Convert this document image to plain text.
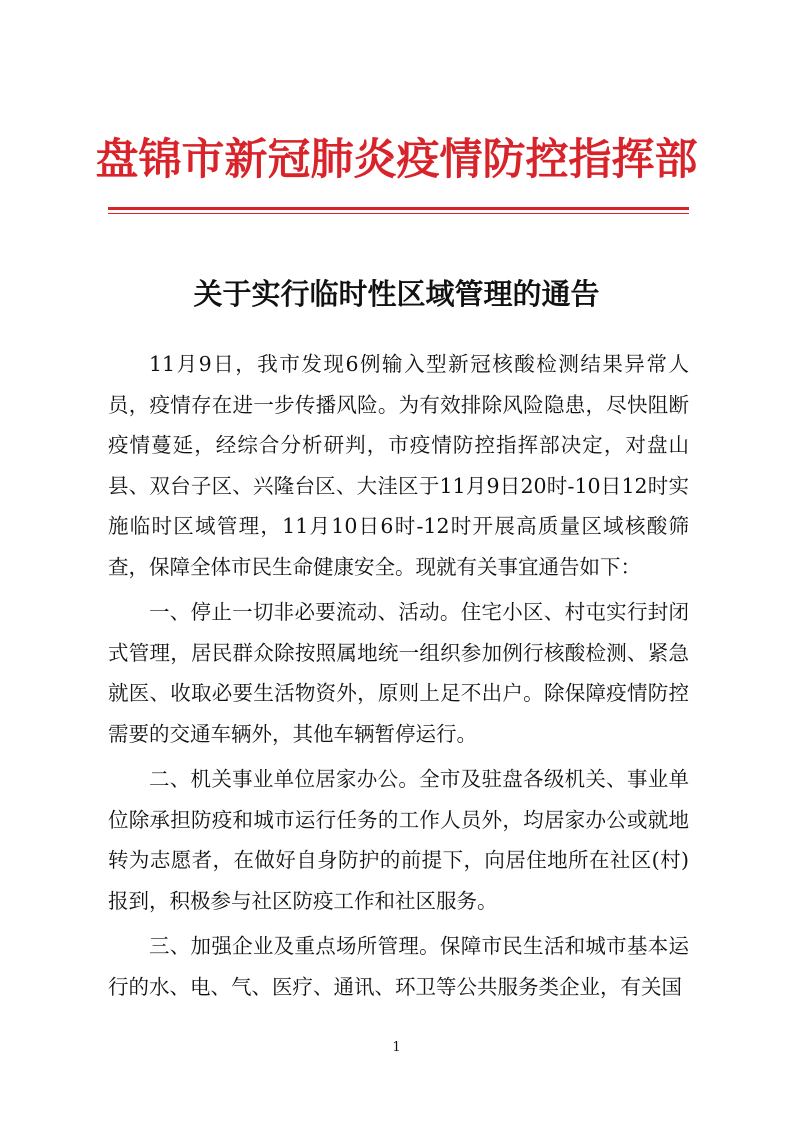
盘锦市新冠肺炎疫情防控指挥部
关于实行临时性区域管理的通告

11月9日，我市发现6例输入型新冠核酸检测结果异常人员，疫情存在进一步传播风险。为有效排除风险隐患，尽快阻断疫情蔓延，经综合分析研判，市疫情防控指挥部决定，对盘山县、双台子区、兴隆台区、大洼区于11月9日20时-10日12时实施临时区域管理，11月10日6时-12时开展高质量区域核酸筛查，保障全体市民生命健康安全。现就有关事宜通告如下：

一、停止一切非必要流动、活动。住宅小区、村屯实行封闭式管理，居民群众除按照属地统一组织参加例行核酸检测、紧急就医、收取必要生活物资外，原则上足不出户。除保障疫情防控需要的交通车辆外，其他车辆暂停运行。

二、机关事业单位居家办公。全市及驻盘各级机关、事业单位除承担防疫和城市运行任务的工作人员外，均居家办公或就地转为志愿者，在做好自身防护的前提下，向居住地所在社区(村)报到，积极参与社区防疫工作和社区服务。

三、加强企业及重点场所管理。保障市民生活和城市基本运行的水、电、气、医疗、通讯、环卫等公共服务类企业，有关国

1
